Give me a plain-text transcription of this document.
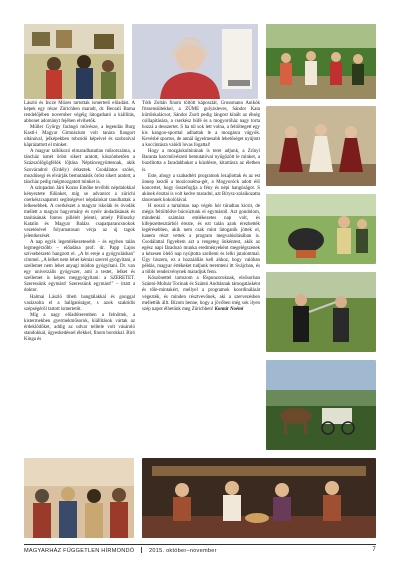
László és Incze Mózes tartottak ismertető előadást. A képek egy része Zürichben maradt, dr. Becsali Barna rendelőjében november végéig látogatható a kiállítás, abbonet adományt fejében elvihetők.

Müller György farángó művésze, a legendás Burg Kastl-i Magyar Gimnázium volt tanára fiangort oltánával, jelképekben tobzódó képeivel és szobraival káprázattott el minket.

A magyar tallúkozó elmaradhatatlan műsorszáma, a táncház ismét öröst sikert aratott, köszönhetően a Százszölőgögfélók lőjtása Néptáncegyüttesnak, akik Szováradrol (Erdély) érkeztek. Csodálatos szólei, mozdúsegi és elvárják bemutatásik öröst sikert aratott, a táncház pedig mégmozgatott minket is.

A színpadon Járó Kozos Emőke tevőbbi népdalokkal kényeztete fülünket, míg se advanrot a zürichi cserkészcsapatott segítségével népdalokat tanulhattak a lelkesebbek. A cserkészet a magyar iskolák és óvodák mellett a magyar bagyomány és nyelv ándadásának és tanításának fontos pillérét jelenti, amely Pilinszky Katalin és Magyar Balázs csapatparancsnokok vezetésével folyamatosan vérja az új tagok jelentkezését.

A nap egyik legemlékezetesebb – és egyben talán legmegérzőbb – előadása prof. dr. Papp Lajos szívsebészetó hangzott el. „A bt ereje a gyógyulásban" címmel. „A lelket nem lehet kémiai szerrel gyógyítani, a szellemet nem lehet anyagi módon gyógyítani. Dr. van egy univerzális gyógyszer, ami a testet, lelket és szellemet is képes meggyógyítani: a SZERETET. Szeressünk egymást! Szeressünk egymást!" – írtatt a doktor.

Halmai László tibeti hangtálakkal és gonggal varázsolta el a hallgatóságot, s azok szaktidis szépségéről tartott ismertetőt.

Míg a nagy előadóteremben a felnőttek, a kistermekben gyermekműsorok, kiállítások vártak az érdeklődőket, addig az udvar telítele volt vásároló standokkal, ügyeskedéssel élekkel, finom borokkal. Bíró Kinga és

Tóth Zoltán finom töltött káposztát, Grossmann Anikók frissensültekkel, a ZÜME gulyásleves, Sándor Kata kürtöskalácsot, Sándor Zsolt pedig lángost kínált az éhség csillapítására, a cserkész büfé és a mogyoróház nagy torta hozzá a desszertet. S ha túl sok lett volna, a feltöltegett egy kis kangoo-sporttal adhattak le a mozgásra vágyók. Kevésbé sportos, de annál ügyelmesabb lehetőséget nyújtott a koccintásra valódi lovas fogattal!

Hogy a mozgáskultúrának is teret adjunk, a Zrínyi Baranta harcművészeti bemutatóval nyűgözött le minket, a buzdította a faradabbakat a kúzdésre, kitartásra az életben is.

Este, ahogy a szabadtéri programok lezajlottak és az est ünnep kezdő a mozicoséma-gét, a Mogyoróck adott élő koncertet, hogy összefoglja a fény és népi hangúságot. S akinek érsztai is volt kedve maradni, azt Bírysz-zolaikozatta táncennek kokolólával.

H noszó a tartalmas nap végén hór türadtan kicsit, de mégis feltöltődve búcsúztunk el egymástól. Azt gondolom, mindenki számára emlékezetes nap volt, és kifejezettesztárból érezte, és ezt talán azok érezhették legérésebben, akik nem csak mint látogatók jöttek el, hanem részt vettek a program megvalósításában is. Csodálattal figyeltem azt a rengeteg önkéntest, akik az egész napi fáradozó munka eredményeként megelégszenek a kézesen ölelő nap nyújtotta szellemi és lelki jutalommal. Úgy hiszem, ez a hozzáállás kell ahhoz, hogy valóban példás, magyar értékeket tudjunk teremteni itt Svájcban, és a többi rendezvénynek maradjuk fenn.

Köszönettel tartozom a fősponzoroknak, elsősorban Szántó-Molnár Tocinak és Szántó Andrásnak támogatásként és tőle-mintakért, mellyel a programok koordinálását végezték, és minden résztvevőnek, aki a szervezésben mellettük állt. Bízom benne, hogy a jövőben még sok ilyen szép napot élhetünk meg Zürichben! Kontár Noémi

MAGYARHÁZ FÜGGETLEN HÍRMONDÓ	2015. október–november	7
